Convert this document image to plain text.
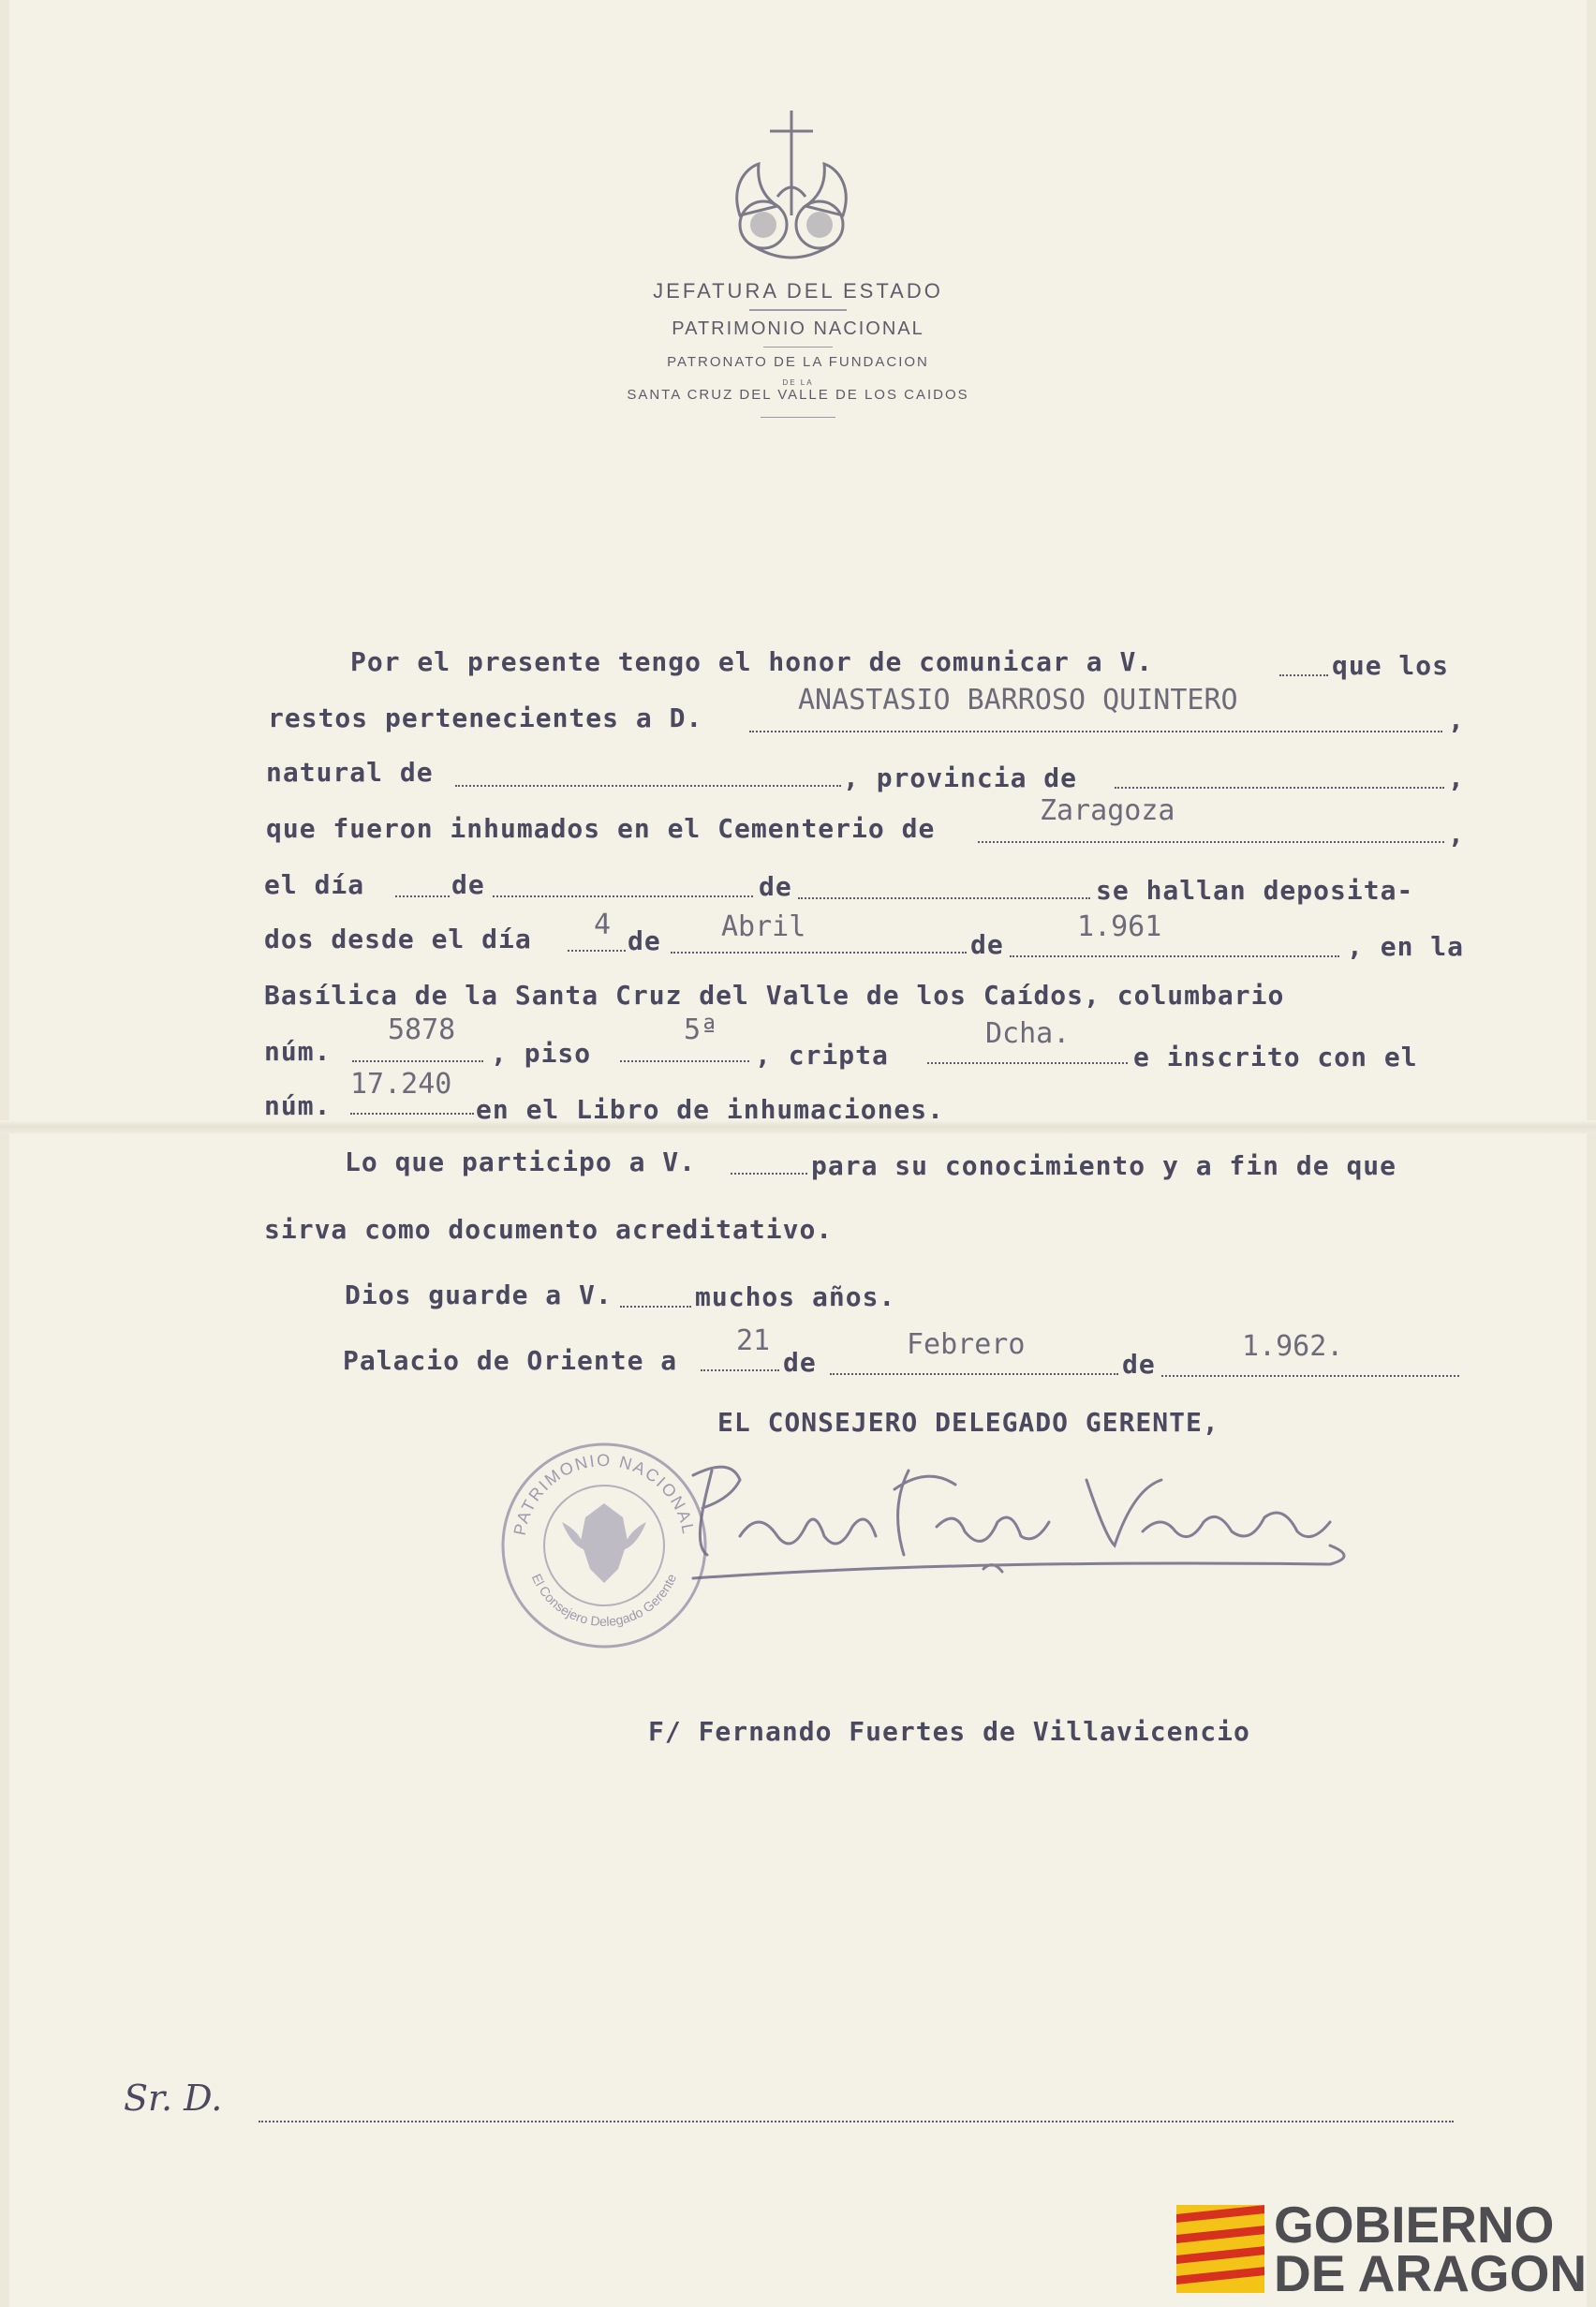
JEFATURA DEL ESTADO
PATRIMONIO NACIONAL
PATRONATO DE LA FUNDACION
DE LA
SANTA CRUZ DEL VALLE DE LOS CAIDOS
Por el presente tengo el honor de comunicar a V.	que los
restos pertenecientes a D.
ANASTASIO BARROSO QUINTERO
,
natural de	, provincia de	,
que fueron inhumados en el Cementerio de
Zaragoza
,
el día	de	de	se hallan deposita-
dos desde el día 4 de Abril
de
1.961
, en la
Basílica de la Santa Cruz del Valle de los Caídos, columbario
núm.
5878
, piso
5ª
, cripta
Dcha.
e inscrito con el
núm.
17.240
en el Libro de inhumaciones.
Lo que participo a V.	para su conocimiento y a fin de que
sirva como documento acreditativo.
Dios guarde a V.	muchos años.
Palacio de Oriente a
21
de
Febrero
de
1.962.
EL CONSEJERO DELEGADO GERENTE,
PATRIMONIO NACIONAL
El Consejero Delegado Gerente
F/ Fernando Fuertes de Villavicencio
Sr. D.
GOBIERNO
DE ARAGON
